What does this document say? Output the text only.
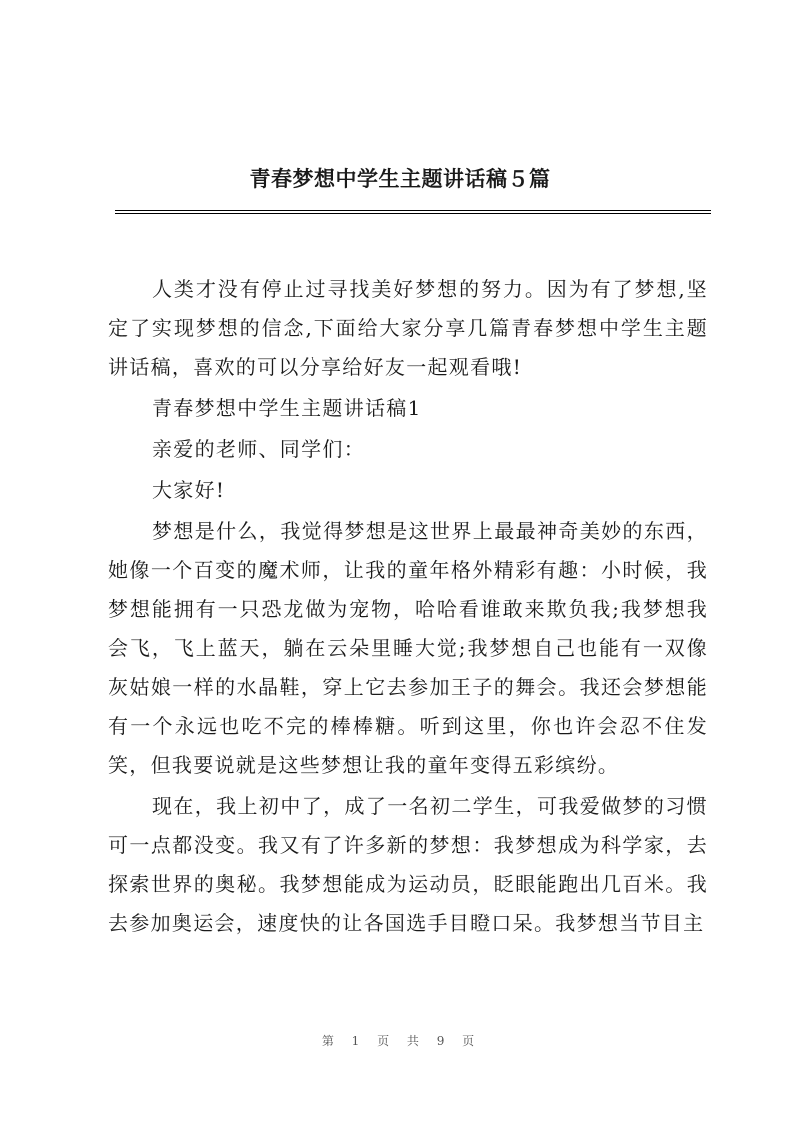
青春梦想中学生主题讲话稿５篇

人类才没有停止过寻找美好梦想的努力。因为有了梦想,坚定了实现梦想的信念,下面给大家分享几篇青春梦想中学生主题讲话稿，喜欢的可以分享给好友一起观看哦!

青春梦想中学生主题讲话稿1

亲爱的老师、同学们：

大家好!

梦想是什么，我觉得梦想是这世界上最最神奇美妙的东西，她像一个百变的魔术师，让我的童年格外精彩有趣：小时候，我梦想能拥有一只恐龙做为宠物，哈哈看谁敢来欺负我;我梦想我会飞，飞上蓝天，躺在云朵里睡大觉;我梦想自己也能有一双像灰姑娘一样的水晶鞋，穿上它去参加王子的舞会。我还会梦想能有一个永远也吃不完的棒棒糖。听到这里，你也许会忍不住发笑，但我要说就是这些梦想让我的童年变得五彩缤纷。

现在，我上初中了，成了一名初二学生，可我爱做梦的习惯可一点都没变。我又有了许多新的梦想：我梦想成为科学家，去探索世界的奥秘。我梦想能成为运动员，眨眼能跑出几百米。我去参加奥运会，速度快的让各国选手目瞪口呆。我梦想当节目主

第 1 页 共 9 页
